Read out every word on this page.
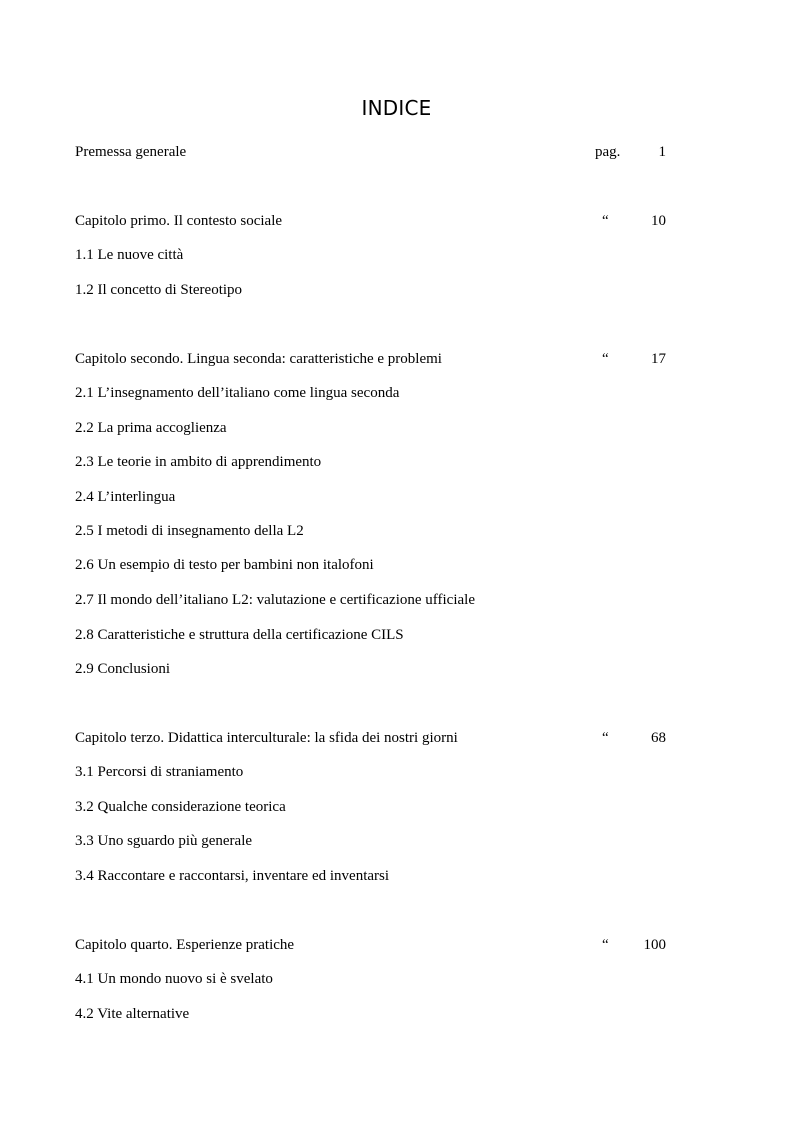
INDICE
Premessa generale	pag.	1
Capitolo primo. Il contesto sociale	“	10
1.1 Le nuove città
1.2 Il concetto di Stereotipo
Capitolo secondo. Lingua seconda: caratteristiche e problemi	“	17
2.1 L’insegnamento dell’italiano come lingua seconda
2.2 La prima accoglienza
2.3 Le teorie in ambito di apprendimento
2.4 L’interlingua
2.5 I metodi di insegnamento della L2
2.6 Un esempio di testo per bambini non italofoni
2.7 Il mondo dell’italiano L2: valutazione e certificazione ufficiale
2.8 Caratteristiche e struttura della certificazione CILS
2.9 Conclusioni
Capitolo terzo. Didattica interculturale: la sfida dei nostri giorni	“	68
3.1 Percorsi di straniamento
3.2 Qualche considerazione teorica
3.3 Uno sguardo più generale
3.4 Raccontare e raccontarsi, inventare ed inventarsi
Capitolo quarto. Esperienze pratiche	“ 100
4.1 Un mondo nuovo si è svelato
4.2 Vite alternative
